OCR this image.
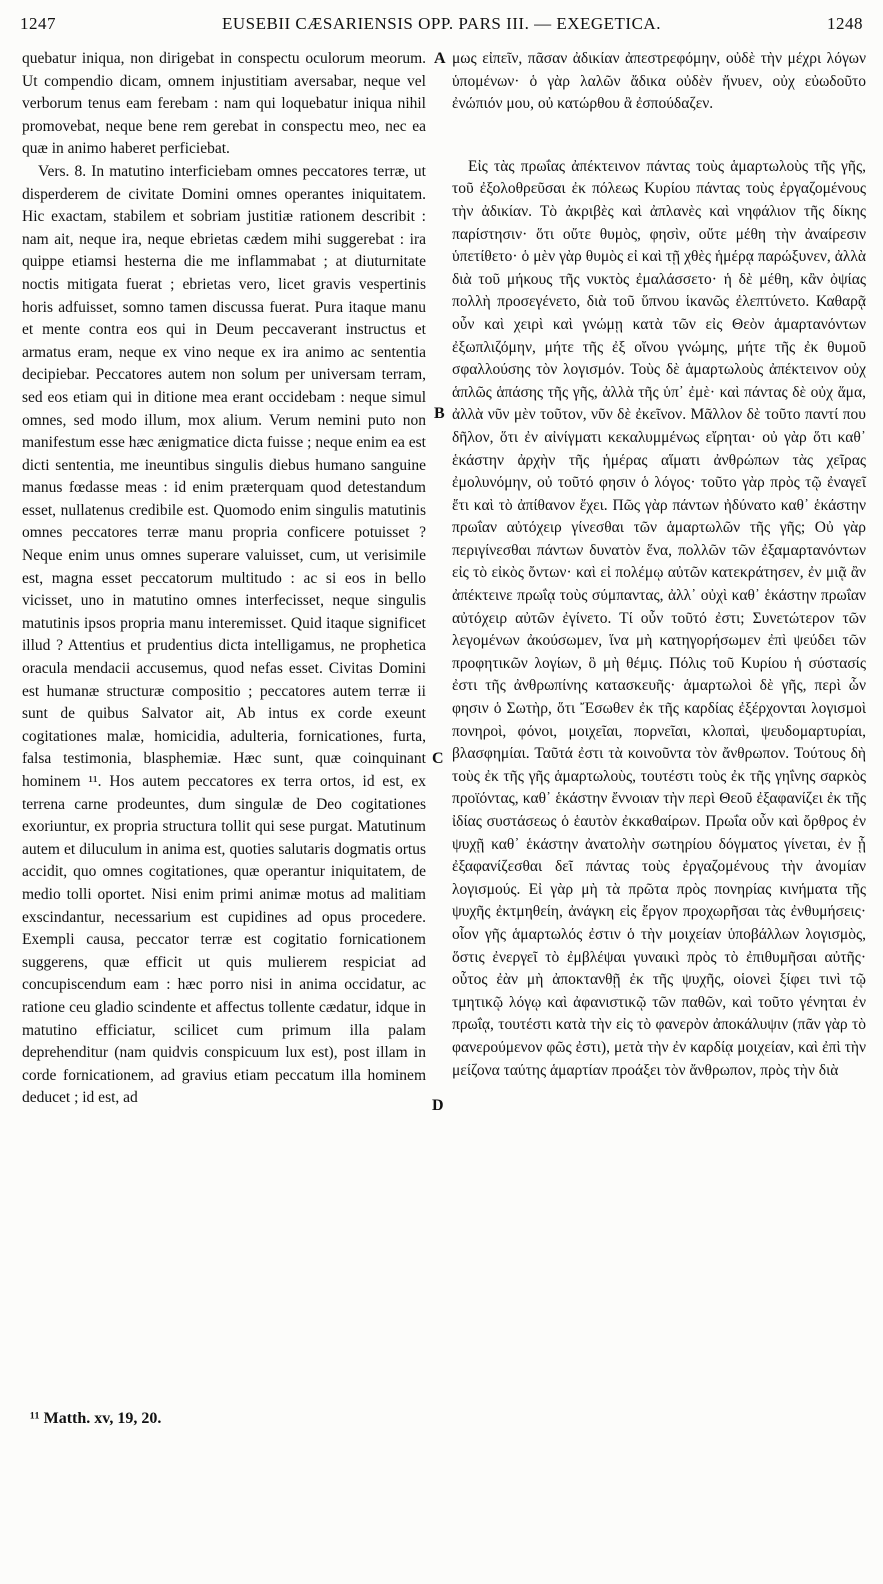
1247	EUSEBII CÆSARIENSIS OPP. PARS III. — EXEGETICA.	1248

quebatur iniqua, non dirigebat in conspectu oculorum meorum. Ut compendio dicam, omnem injustitiam aversabar, neque vel verborum tenus eam ferebam : nam qui loquebatur iniqua nihil promovebat, neque bene rem gerebat in conspectu meo, nec ea quæ in animo haberet perficiebat.

Vers. 8. In matutino interficiebam omnes peccatores terræ, ut disperderem de civitate Domini omnes operantes iniquitatem. Hic exactam, stabilem et sobriam justitiæ rationem describit : nam ait, neque ira, neque ebrietas cædem mihi suggerebat : ira quippe etiamsi hesterna die me inflammabat ; at diuturnitate noctis mitigata fuerat ; ebrietas vero, licet gravis vespertinis horis adfuisset, somno tamen discussa fuerat. Pura itaque manu et mente contra eos qui in Deum peccaverant instructus et armatus eram, neque ex vino neque ex ira animo ac sententia decipiebar. Peccatores autem non solum per universam terram, sed eos etiam qui in ditione mea erant occidebam : neque simul omnes, sed modo illum, mox alium. Verum nemini puto non manifestum esse hæc ænigmatice dicta fuisse ; neque enim ea est dicti sententia, me ineuntibus singulis diebus humano sanguine manus fœdasse meas : id enim præterquam quod detestandum esset, nullatenus credibile est. Quomodo enim singulis matutinis omnes peccatores terræ manu propria conficere potuisset ? Neque enim unus omnes superare valuisset, cum, ut verisimile est, magna esset peccatorum multitudo : ac si eos in bello vicisset, uno in matutino omnes interfecisset, neque singulis matutinis ipsos propria manu interemisset. Quid itaque significet illud ? Attentius et prudentius dicta intelligamus, ne prophetica oracula mendacii accusemus, quod nefas esset. Civitas Domini est humanæ structuræ compositio ; peccatores autem terræ ii sunt de quibus Salvator ait, Ab intus ex corde exeunt cogitationes malæ, homicidia, adulteria, fornicationes, furta, falsa testimonia, blasphemiæ. Hæc sunt, quæ coinquinant hominem ¹¹. Hos autem peccatores ex terra ortos, id est, ex terrena carne prodeuntes, dum singulæ de Deo cogitationes exoriuntur, ex propria structura tollit qui sese purgat. Matutinum autem et diluculum in anima est, quoties salutaris dogmatis ortus accidit, quo omnes cogitationes, quæ operantur iniquitatem, de medio tolli oportet. Nisi enim primi animæ motus ad malitiam exscindantur, necessarium est cupidines ad opus procedere. Exempli causa, peccator terræ est cogitatio fornicationem suggerens, quæ efficit ut quis mulierem respiciat ad concupiscendum eam : hæc porro nisi in anima occidatur, ac ratione ceu gladio scindente et affectus tollente cædatur, idque in matutino efficiatur, scilicet cum primum illa palam deprehenditur (nam quidvis conspicuum lux est), post illam in corde fornicationem, ad gravius etiam peccatum illa hominem deducet ; id est, ad

μως εἰπεῖν, πᾶσαν ἀδικίαν ἀπεστρεφόμην, οὐδὲ τὴν μέχρι λόγων ὑπομένων· ὁ γὰρ λαλῶν ἄδικα οὐδὲν ἤνυεν, οὐχ εὐωδοῦτο ἐνώπιόν μου, οὐ κατώρθου ἃ ἐσπούδαζεν.

Εἰς τὰς πρωΐας ἀπέκτεινον πάντας τοὺς ἁμαρτωλοὺς τῆς γῆς, τοῦ ἐξολοθρεῦσαι ἐκ πόλεως Κυρίου πάντας τοὺς ἐργαζομένους τὴν ἀδικίαν. Τὸ ἀκριβὲς καὶ ἀπλανὲς καὶ νηφάλιον τῆς δίκης παρίστησιν· ὅτι οὔτε θυμὸς, φησὶν, οὔτε μέθη τὴν ἀναίρεσιν ὑπετίθετο· ὁ μὲν γὰρ θυμὸς εἰ καὶ τῇ χθὲς ἡμέρᾳ παρώξυνεν, ἀλλὰ διὰ τοῦ μήκους τῆς νυκτὸς ἐμαλάσσετο· ἡ δὲ μέθη, κἂν ὀψίας πολλὴ προσεγένετο, διὰ τοῦ ὕπνου ἱκανῶς ἐλεπτύνετο. Καθαρᾷ οὖν καὶ χειρὶ καὶ γνώμῃ κατὰ τῶν εἰς Θεὸν ἁμαρτανόντων ἐξωπλιζόμην, μήτε τῆς ἐξ οἴνου γνώμης, μήτε τῆς ἐκ θυμοῦ σφαλλούσης τὸν λογισμόν. Τοὺς δὲ ἁμαρτωλοὺς ἀπέκτεινον οὐχ ἁπλῶς ἁπάσης τῆς γῆς, ἀλλὰ τῆς ὑπ᾽ ἐμὲ· καὶ πάντας δὲ οὐχ ἅμα, ἀλλὰ νῦν μὲν τοῦτον, νῦν δὲ ἐκεῖνον. Μᾶλλον δὲ τοῦτο παντί που δῆλον, ὅτι ἐν αἰνίγματι κεκαλυμμένως εἴρηται· οὐ γὰρ ὅτι καθ᾽ ἑκάστην ἀρχὴν τῆς ἡμέρας αἵματι ἀνθρώπων τὰς χεῖρας ἐμολυνόμην, οὐ τοῦτό φησιν ὁ λόγος· τοῦτο γὰρ πρὸς τῷ ἐναγεῖ ἔτι καὶ τὸ ἀπίθανον ἔχει. Πῶς γὰρ πάντων ἠδύνατο καθ᾽ ἑκάστην πρωΐαν αὐτόχειρ γίνεσθαι τῶν ἁμαρτωλῶν τῆς γῆς; Οὐ γὰρ περιγίνεσθαι πάντων δυνατὸν ἕνα, πολλῶν τῶν ἐξαμαρτανόντων εἰς τὸ εἰκὸς ὄντων· καὶ εἰ πολέμῳ αὐτῶν κατεκράτησεν, ἐν μιᾷ ἂν ἀπέκτεινε πρωΐᾳ τοὺς σύμπαντας, ἀλλ᾽ οὐχὶ καθ᾽ ἑκάστην πρωΐαν αὐτόχειρ αὐτῶν ἐγίνετο. Τί οὖν τοῦτό ἐστι; Συνετώτερον τῶν λεγομένων ἀκούσωμεν, ἵνα μὴ κατηγορήσωμεν ἐπὶ ψεύδει τῶν προφητικῶν λογίων, ὃ μὴ θέμις. Πόλις τοῦ Κυρίου ἡ σύστασίς ἐστι τῆς ἀνθρωπίνης κατασκευῆς· ἁμαρτωλοὶ δὲ γῆς, περὶ ὧν φησιν ὁ Σωτὴρ, ὅτι Ἔσωθεν ἐκ τῆς καρδίας ἐξέρχονται λογισμοὶ πονηροὶ, φόνοι, μοιχεῖαι, πορνεῖαι, κλοπαὶ, ψευδομαρτυρίαι, βλασφημίαι. Ταῦτά ἐστι τὰ κοινοῦντα τὸν ἄνθρωπον. Τούτους δὴ τοὺς ἐκ τῆς γῆς ἁμαρτωλοὺς, τουτέστι τοὺς ἐκ τῆς γηΐνης σαρκὸς προϊόντας, καθ᾽ ἑκάστην ἔννοιαν τὴν περὶ Θεοῦ ἐξαφανίζει ἐκ τῆς ἰδίας συστάσεως ὁ ἑαυτὸν ἐκκαθαίρων. Πρωΐα οὖν καὶ ὄρθρος ἐν ψυχῇ καθ᾽ ἑκάστην ἀνατολὴν σωτηρίου δόγματος γίνεται, ἐν ᾗ ἐξαφανίζεσθαι δεῖ πάντας τοὺς ἐργαζομένους τὴν ἀνομίαν λογισμούς. Εἰ γὰρ μὴ τὰ πρῶτα πρὸς πονηρίας κινήματα τῆς ψυχῆς ἐκτμηθείη, ἀνάγκη εἰς ἔργον προχωρῆσαι τὰς ἐνθυμήσεις· οἷον γῆς ἁμαρτωλός ἐστιν ὁ τὴν μοιχείαν ὑποβάλλων λογισμὸς, ὅστις ἐνεργεῖ τὸ ἐμβλέψαι γυναικὶ πρὸς τὸ ἐπιθυμῆσαι αὐτῆς· οὗτος ἐὰν μὴ ἀποκτανθῇ ἐκ τῆς ψυχῆς, οἱονεὶ ξίφει τινὶ τῷ τμητικῷ λόγῳ καὶ ἀφανιστικῷ τῶν παθῶν, καὶ τοῦτο γένηται ἐν πρωΐᾳ, τουτέστι κατὰ τὴν εἰς τὸ φανερὸν ἀποκάλυψιν (πᾶν γὰρ τὸ φανερούμενον φῶς ἐστι), μετὰ τὴν ἐν καρδίᾳ μοιχείαν, καὶ ἐπὶ τὴν μείζονα ταύτης ἁμαρτίαν προάξει τὸν ἄνθρωπον, πρὸς τὴν διὰ

A
B
C
D
¹¹ Matth. xv, 19, 20.
